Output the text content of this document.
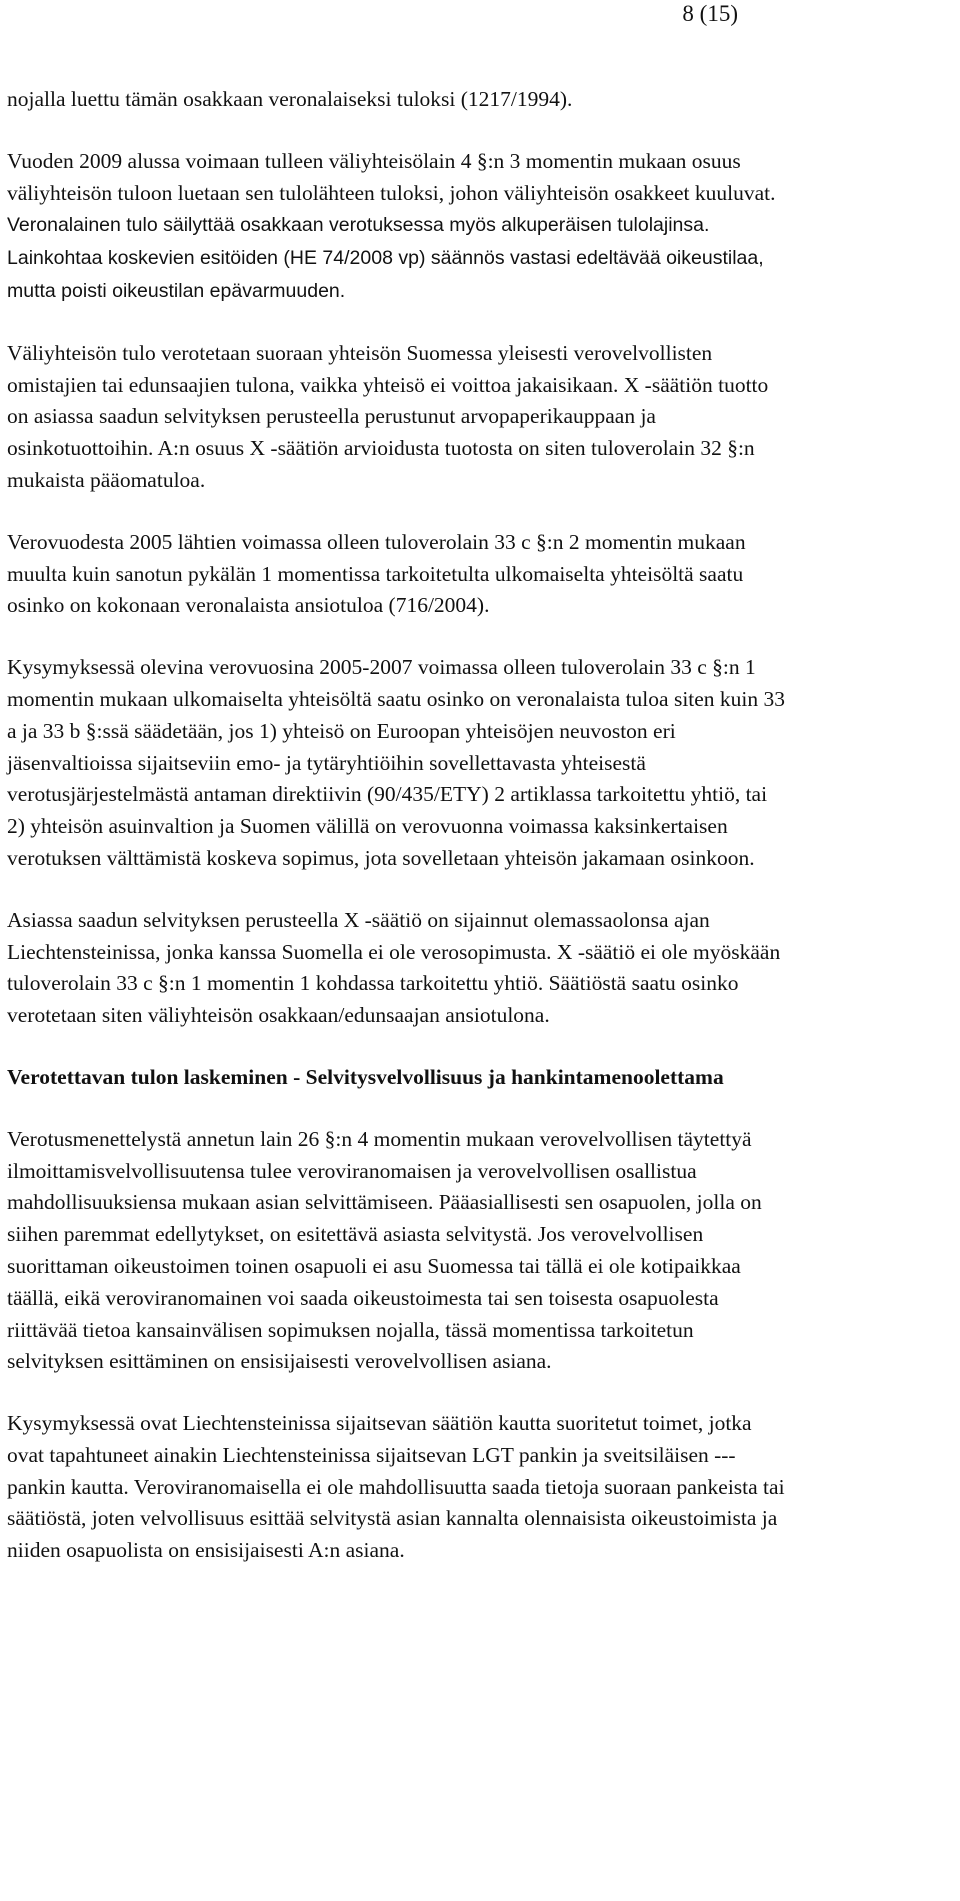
8 (15)

nojalla luettu tämän osakkaan veronalaiseksi tuloksi (1217/1994).

Vuoden 2009 alussa voimaan tulleen väliyhteisölain 4 §:n 3 momentin mukaan osuus väliyhteisön tuloon luetaan sen tulolähteen tuloksi, johon väliyhteisön osakkeet kuuluvat. Veronalainen tulo säilyttää osakkaan verotuksessa myös alkuperäisen tulolajinsa. Lainkohtaa koskevien esitöiden (HE 74/2008 vp) säännös vastasi edeltävää oikeustilaa, mutta poisti oikeustilan epävarmuuden.

Väliyhteisön tulo verotetaan suoraan yhteisön Suomessa yleisesti verovelvollisten omistajien tai edunsaajien tulona, vaikka yhteisö ei voittoa jakaisikaan. X -säätiön tuotto on asiassa saadun selvityksen perusteella perustunut arvopaperikauppaan ja osinkotuottoihin. A:n osuus X -säätiön arvioidusta tuotosta on siten tuloverolain 32 §:n mukaista pääomatuloa.

Verovuodesta 2005 lähtien voimassa olleen tuloverolain 33 c §:n 2 momentin mukaan muulta kuin sanotun pykälän 1 momentissa tarkoitetulta ulkomaiselta yhteisöltä saatu osinko on kokonaan veronalaista ansiotuloa (716/2004).

Kysymyksessä olevina verovuosina 2005-2007 voimassa olleen tuloverolain 33 c §:n 1 momentin mukaan ulkomaiselta yhteisöltä saatu osinko on veronalaista tuloa siten kuin 33 a ja 33 b §:ssä säädetään, jos 1) yhteisö on Euroopan yhteisöjen neuvoston eri jäsenvaltioissa sijaitseviin emo- ja tytäryhtiöihin sovellettavasta yhteisestä verotusjärjestelmästä antaman direktiivin (90/435/ETY) 2 artiklassa tarkoitettu yhtiö, tai 2) yhteisön asuinvaltion ja Suomen välillä on verovuonna voimassa kaksinkertaisen verotuksen välttämistä koskeva sopimus, jota sovelletaan yhteisön jakamaan osinkoon.

Asiassa saadun selvityksen perusteella X -säätiö on sijainnut olemassaolonsa ajan Liechtensteinissa, jonka kanssa Suomella ei ole verosopimusta. X -säätiö ei ole myöskään tuloverolain 33 c §:n 1 momentin 1 kohdassa tarkoitettu yhtiö. Säätiöstä saatu osinko verotetaan siten väliyhteisön osakkaan/edunsaajan ansiotulona.

Verotettavan tulon laskeminen - Selvitysvelvollisuus ja hankintamenoolettama

Verotusmenettelystä annetun lain 26 §:n 4 momentin mukaan verovelvollisen täytettyä ilmoittamisvelvollisuutensa tulee veroviranomaisen ja verovelvollisen osallistua mahdollisuuksiensa mukaan asian selvittämiseen. Pääasiallisesti sen osapuolen, jolla on siihen paremmat edellytykset, on esitettävä asiasta selvitystä. Jos verovelvollisen suorittaman oikeustoimen toinen osapuoli ei asu Suomessa tai tällä ei ole kotipaikkaa täällä, eikä veroviranomainen voi saada oikeustoimesta tai sen toisesta osapuolesta riittävää tietoa kansainvälisen sopimuksen nojalla, tässä momentissa tarkoitetun selvityksen esittäminen on ensisijaisesti verovelvollisen asiana.

Kysymyksessä ovat Liechtensteinissa sijaitsevan säätiön kautta suoritetut toimet, jotka ovat tapahtuneet ainakin Liechtensteinissa sijaitsevan LGT pankin ja sveitsiläisen --- pankin kautta. Veroviranomaisella ei ole mahdollisuutta saada tietoja suoraan pankeista tai säätiöstä, joten velvollisuus esittää selvitystä asian kannalta olennaisista oikeustoimista ja niiden osapuolista on ensisijaisesti A:n asiana.
